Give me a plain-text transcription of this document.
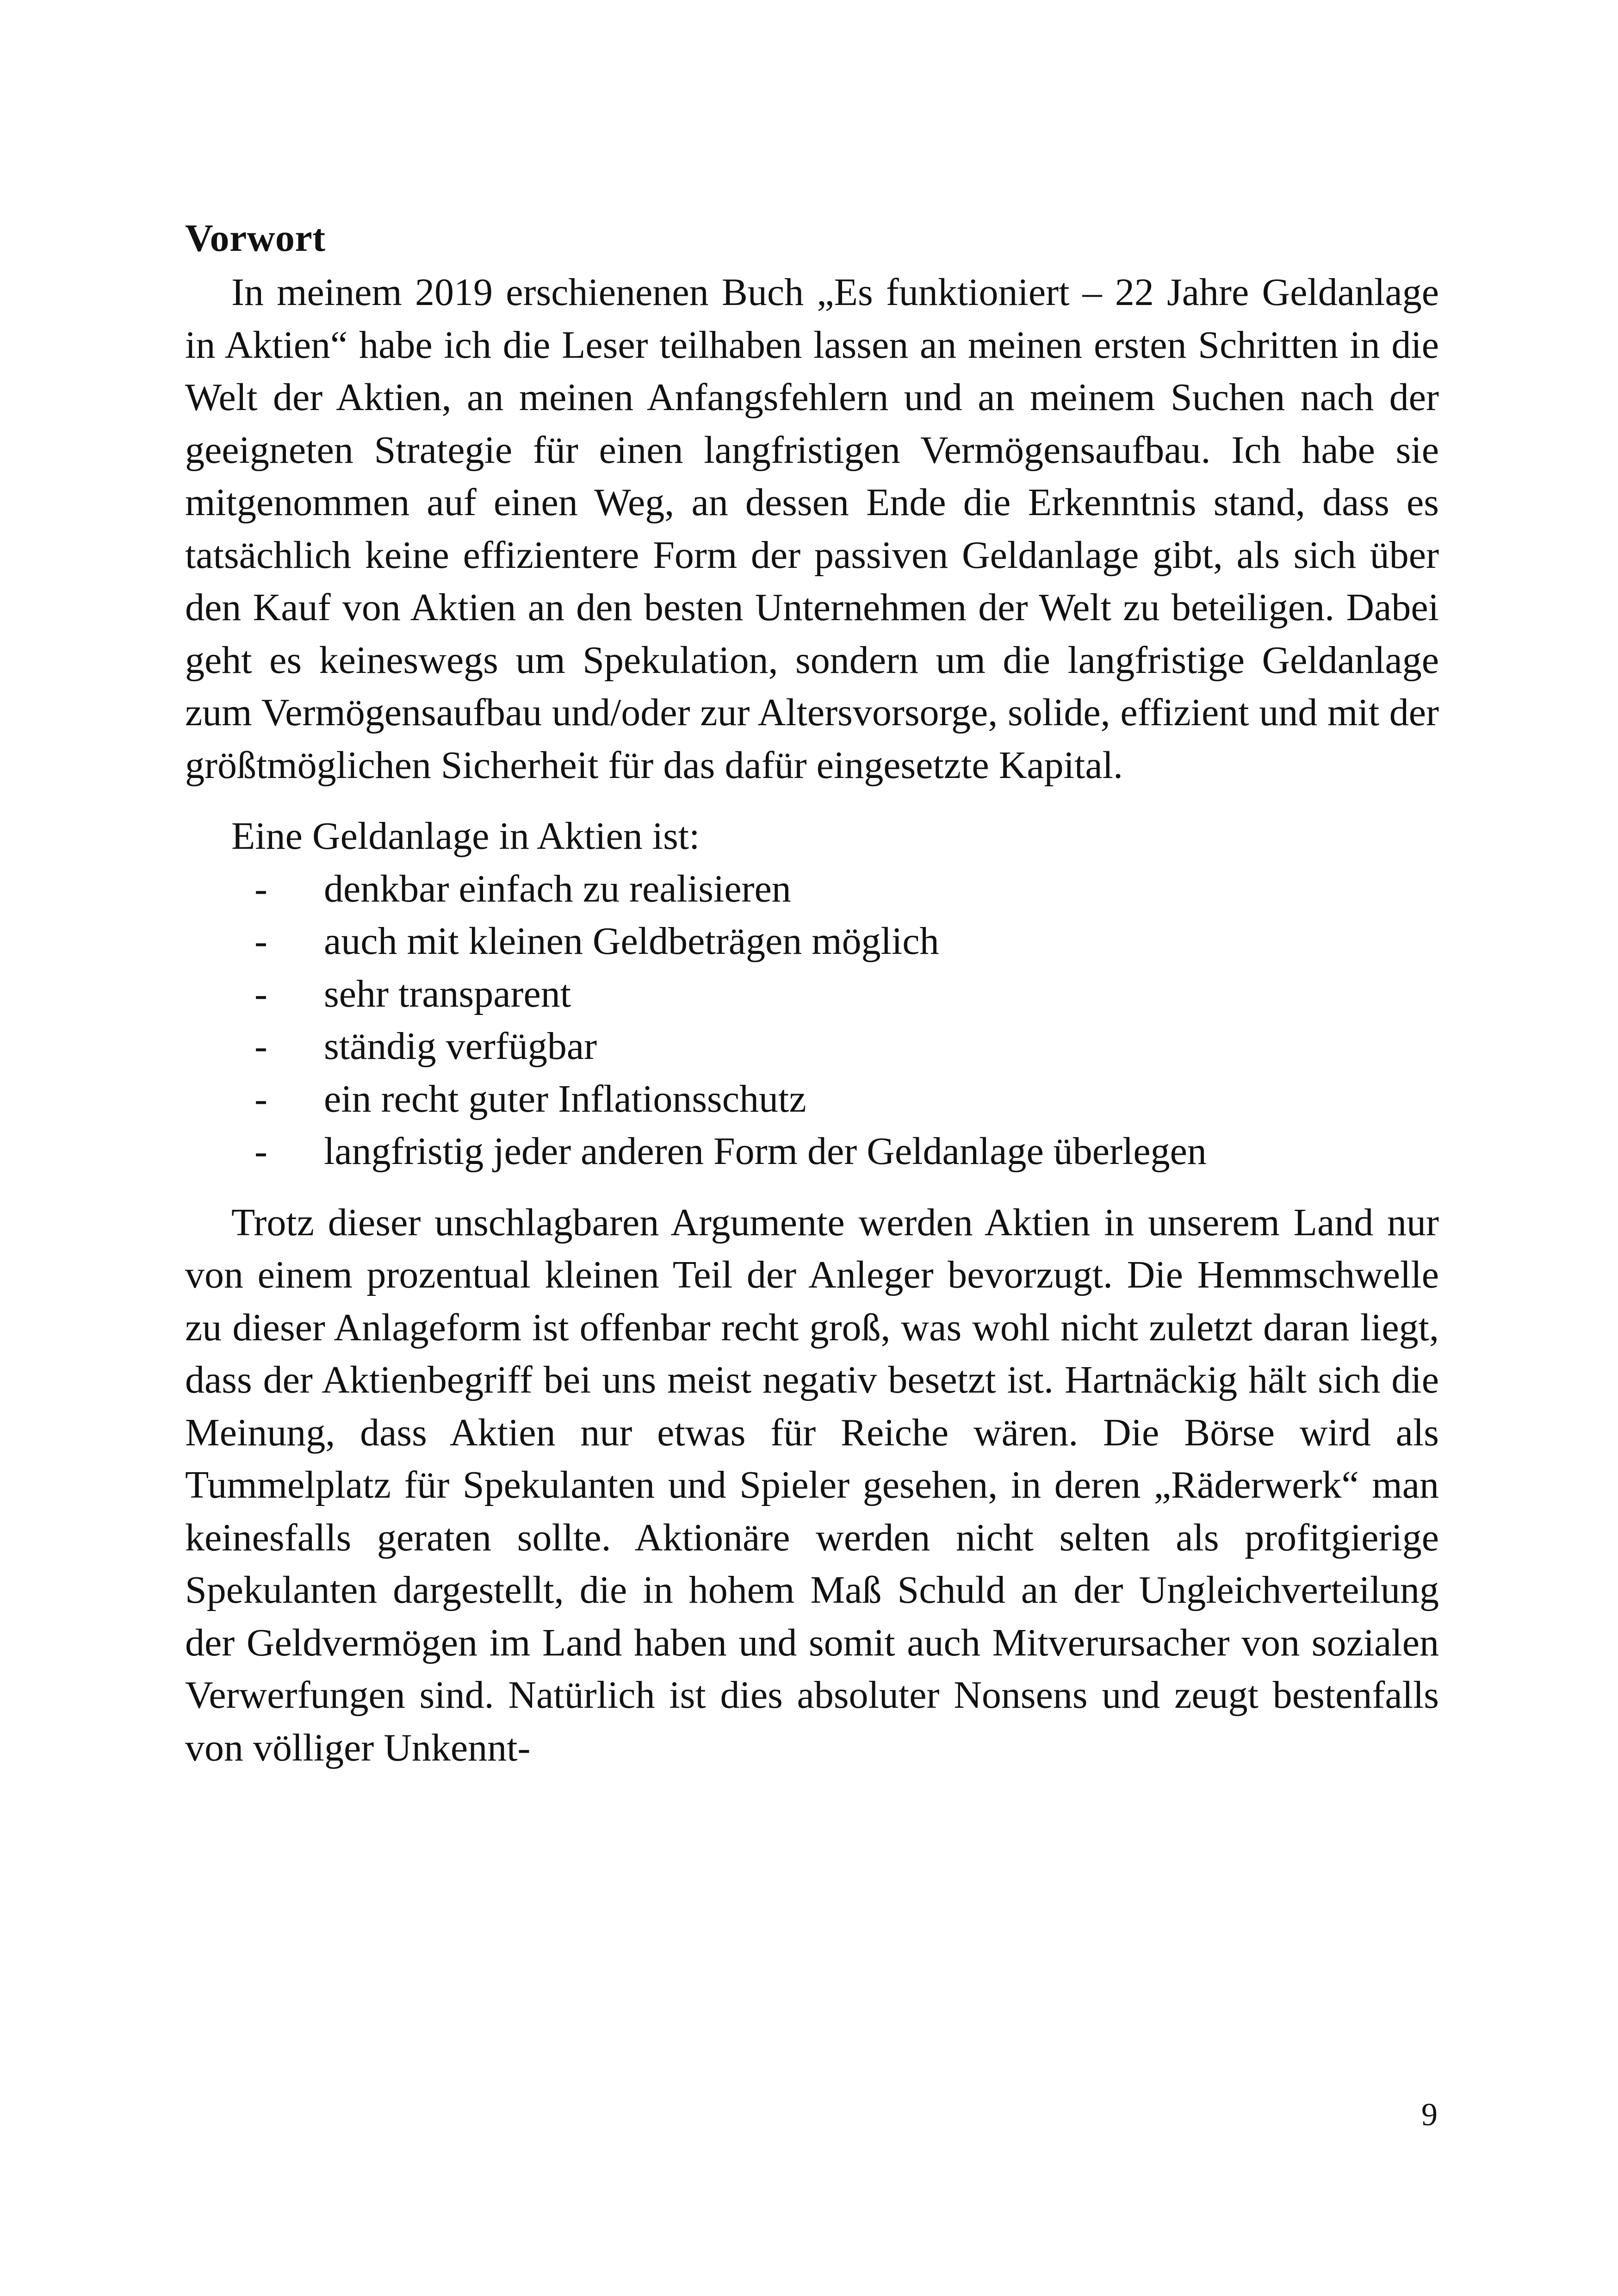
Vorwort

In meinem 2019 erschienenen Buch „Es funktioniert – 22 Jahre Geldanlage in Aktien“ habe ich die Leser teilhaben lassen an meinen ersten Schritten in die Welt der Aktien, an meinen Anfangsfehlern und an meinem Suchen nach der geeigneten Strategie für einen langfristigen Vermögensaufbau. Ich habe sie mitgenommen auf einen Weg, an dessen Ende die Erkenntnis stand, dass es tatsächlich keine effizientere Form der passiven Geldanlage gibt, als sich über den Kauf von Aktien an den besten Unternehmen der Welt zu beteiligen. Dabei geht es keineswegs um Spekulation, sondern um die langfristige Geldanlage zum Vermögensaufbau und/oder zur Altersvorsorge, solide, effizient und mit der größtmöglichen Sicherheit für das dafür eingesetzte Kapital.

Eine Geldanlage in Aktien ist:

-	denkbar einfach zu realisieren
-	auch mit kleinen Geldbeträgen möglich
-	sehr transparent
-	ständig verfügbar
-	ein recht guter Inflationsschutz
-	langfristig jeder anderen Form der Geldanlage überlegen

Trotz dieser unschlagbaren Argumente werden Aktien in unserem Land nur von einem prozentual kleinen Teil der Anleger bevorzugt. Die Hemmschwelle zu dieser Anlageform ist offenbar recht groß, was wohl nicht zuletzt daran liegt, dass der Aktienbegriff bei uns meist negativ besetzt ist. Hartnäckig hält sich die Meinung, dass Aktien nur etwas für Reiche wären. Die Börse wird als Tummelplatz für Spekulanten und Spieler gesehen, in deren „Räderwerk“ man keinesfalls geraten sollte. Aktionäre werden nicht selten als profitgierige Spekulanten dargestellt, die in hohem Maß Schuld an der Ungleichverteilung der Geldvermögen im Land haben und somit auch Mitverursacher von sozialen Verwerfungen sind. Natürlich ist dies absoluter Nonsens und zeugt bestenfalls von völliger Unkennt-

9
